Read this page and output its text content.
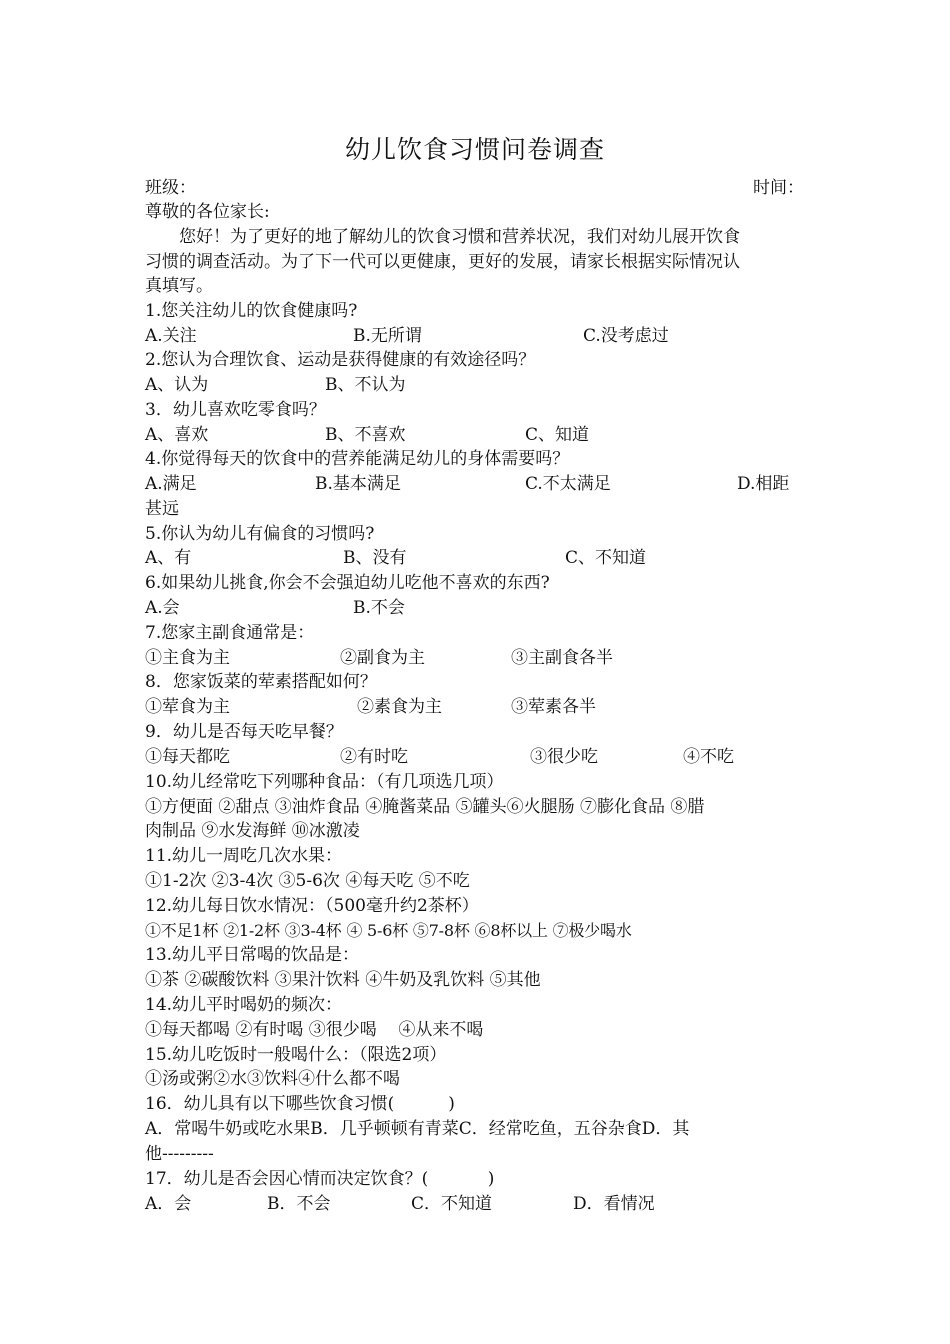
幼儿饮食习惯问卷调查
班级：	时间：
尊敬的各位家长:
您好！为了更好的地了解幼儿的饮食习惯和营养状况，我们对幼儿展开饮食
习惯的调查活动。为了下一代可以更健康，更好的发展，请家长根据实际情况认
真填写。
1.您关注幼儿的饮食健康吗?
A.关注	B.无所谓	C.没考虑过
2.您认为合理饮食、运动是获得健康的有效途径吗？
A、认为	B、不认为
3．幼儿喜欢吃零食吗？
A、喜欢	B、不喜欢	C、知道
4.你觉得每天的饮食中的营养能满足幼儿的身体需要吗？
A.满足	B.基本满足	C.不太满足	D.相距
甚远
5.你认为幼儿有偏食的习惯吗?
A、有	B、没有	C、不知道
6.如果幼儿挑食,你会不会强迫幼儿吃他不喜欢的东西?
A.会	B.不会
7.您家主副食通常是：
①主食为主	②副食为主	③主副食各半
8．您家饭菜的荤素搭配如何？
①荤食为主	②素食为主	③荤素各半
9．幼儿是否每天吃早餐？
①每天都吃	②有时吃	③很少吃	④不吃
10.幼儿经常吃下列哪种食品：（有几项选几项）
①方便面 ②甜点 ③油炸食品 ④腌酱菜品 ⑤罐头⑥火腿肠 ⑦膨化食品 ⑧腊
肉制品 ⑨水发海鲜 ⑩冰激凌
11.幼儿一周吃几次水果：
①1-2次 ②3-4次 ③5-6次 ④每天吃 ⑤不吃
12.幼儿每日饮水情况：（500毫升约2茶杯）
①不足1杯 ②1-2杯 ③3-4杯 ④ 5-6杯 ⑤7-8杯 ⑥8杯以上 ⑦极少喝水
13.幼儿平日常喝的饮品是：
①茶 ②碳酸饮料 ③果汁饮料 ④牛奶及乳饮料 ⑤其他
14.幼儿平时喝奶的频次：
①每天都喝 ②有时喝 ③很少喝    ④从来不喝
15.幼儿吃饭时一般喝什么：（限选2项）
①汤或粥②水③饮料④什么都不喝
16．幼儿具有以下哪些饮食习惯(          )
A．常喝牛奶或吃水果B．几乎顿顿有青菜C．经常吃鱼，五谷杂食D．其
他---------
17．幼儿是否会因心情而决定饮食？(           )
A．会	B．不会	C．不知道	D．看情况
